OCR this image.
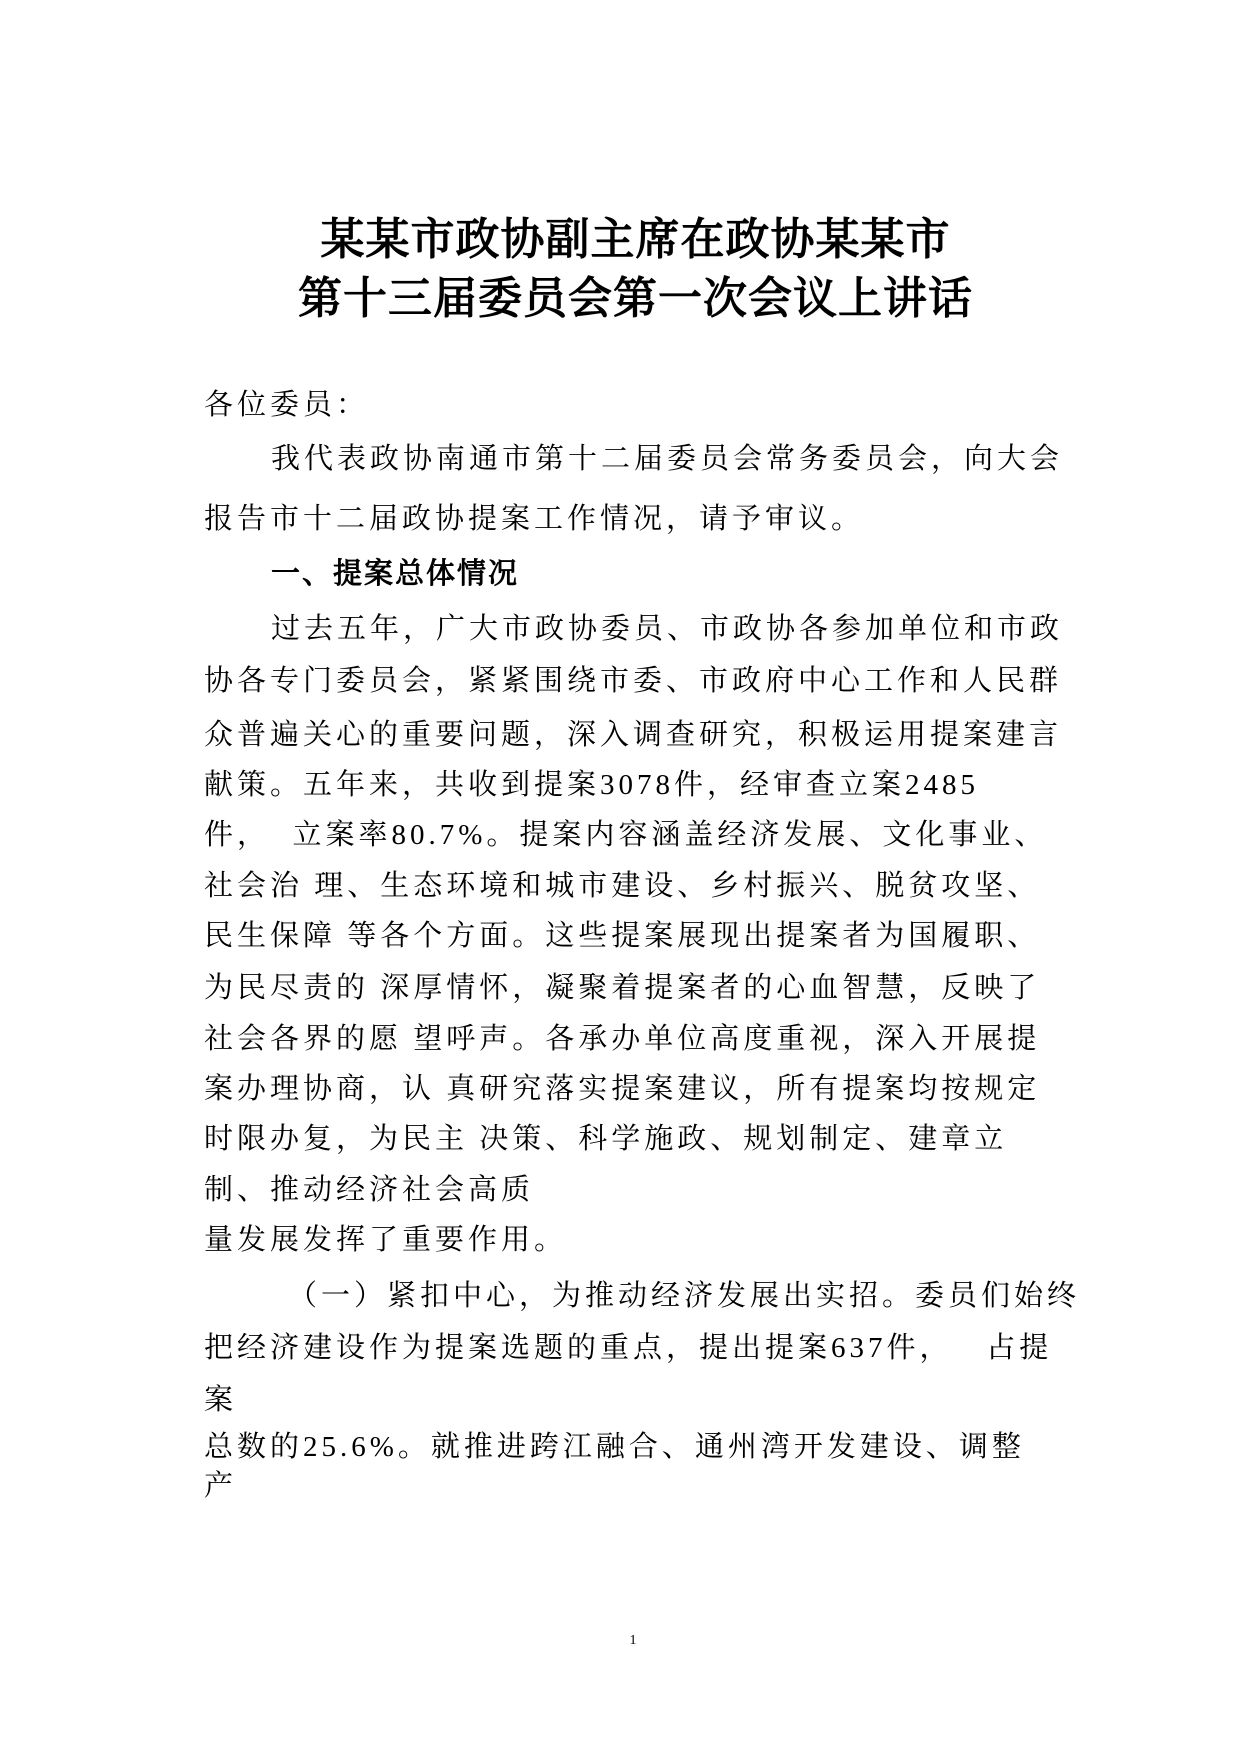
某某市政协副主席在政协某某市
第十三届委员会第一次会议上讲话
各位委员：
我代表政协南通市第十二届委员会常务委员会，向大会
报告市十二届政协提案工作情况，请予审议。
一、提案总体情况
过去五年，广大市政协委员、市政协各参加单位和市政
协各专门委员会，紧紧围绕市委、市政府中心工作和人民群
众普遍关心的重要问题，深入调查研究，积极运用提案建言
献策。五年来，共收到提案3078件，经审查立案2485
件，  立案率80.7%。提案内容涵盖经济发展、文化事业、
社会治 理、生态环境和城市建设、乡村振兴、脱贫攻坚、
民生保障 等各个方面。这些提案展现出提案者为国履职、
为民尽责的 深厚情怀，凝聚着提案者的心血智慧，反映了
社会各界的愿 望呼声。各承办单位高度重视，深入开展提
案办理协商，认 真研究落实提案建议，所有提案均按规定
时限办复，为民主 决策、科学施政、规划制定、建章立
制、推动经济社会高质
量发展发挥了重要作用。
（一）紧扣中心，为推动经济发展出实招。委员们始终
把经济建设作为提案选题的重点，提出提案637件，   占提
案
总数的25.6%。就推进跨江融合、通州湾开发建设、调整
产
1
